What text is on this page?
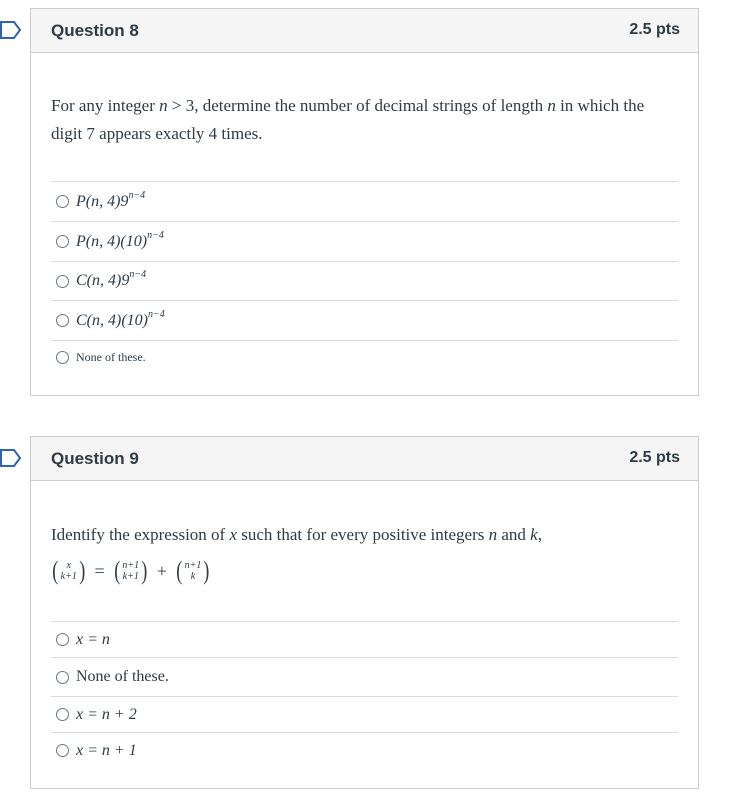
Question 8	2.5 pts
For any integer n > 3, determine the number of decimal strings of length n in which the digit 7 appears exactly 4 times.
P(n, $4)9^{n-4}$
P(n, $4)(10)^{n-4}$
C(n, $4)9^{n-4}$
C(n, $4)(10)^{n-4}$
None of these.
Question 9	2.5 pts
Identify the expression of x such that for every positive integers n and k,
( x
k+1 ) = ( n+1
k+1 ) + ( n+1
k )
x = n
None of these.
x = n + 2
x = n + 1
